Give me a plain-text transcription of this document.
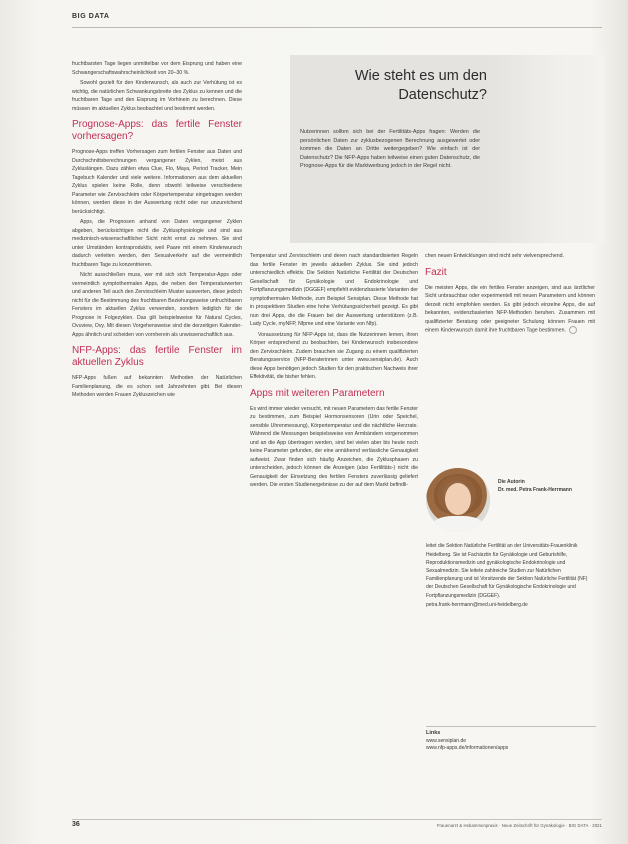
BIG DATA

fruchtbarsten Tage liegen unmittelbar vor dem Eisprung und haben eine Schwangerschaftswahrscheinlichkeit von 20–30 %.

Sowohl gezielt für den Kinderwunsch, als auch zur Verhütung ist es wichtig, die natürlichen Schwankungsbreite des Zyklus zu kennen und die fruchtbaren Tage und den Eisprung im Vorhinein zu berechnen. Diese müssen im aktuellen Zyklus beobachtet und bestimmt werden.

Prognose-Apps: das fertile Fenster vorhersagen?

Prognose-Apps treffen Vorhersagen zum fertilen Fenster aus Daten und Durchschnittsberechnungen vergangener Zyklen, meist aus Zykluslängen. Dazu zählen etwa Clue, Flo, Maya, Period Tracker, Mein Tagebuch Kalender und viele weitere. Informationen aus dem aktuellen Zyklus spielen keine Rolle, denn obwohl teilweise verschiedene Parameter wie Zervixschleim oder Körpertemperatur eingetragen werden können, werden diese in der Auswertung nicht oder nur unzureichend berücksichtigt.

Apps, die Prognosen anhand von Daten vergangener Zyklen abgeben, berücksichtigen nicht die Zyklusphysiologie und sind aus medizinisch-wissenschaftlicher Sicht nicht ernst zu nehmen. Sie sind unter Umständen kontraproduktiv, weil Paare mit einem Kinderwunsch dadurch verleiten werden, den Sexualverkehr auf die vermeintlich fruchtbaren Tage zu konzentrieren.

Nicht ausschließen muss, wer mit sich sich Temperatur-Apps oder vermeintlich symptothermalen Apps, die neben den Temperaturwerten und anderen Teil auch den Zervixschleim Muster auswerten, diese jedoch nicht für die Bestimmung des fruchtbaren Beziehungsweise unfruchtbaren Fensters im aktuellen Zyklus verwenden, sondern lediglich für die Prognose in Folgezyklen. Das gilt beispielsweise für Natural Cycles, Ovuview, Ovy. Mit diesen Vorgehensweise sind die derzeitigen Kalender-Apps ähnlich und scheiden von vornherein als unwissenschaftlich aus.

NFP-Apps: das fertile Fenster im aktuellen Zyklus

NFP-Apps fußen auf bekannten Methoden der Natürlichen Familienplanung, die es schon seit Jahrzehnten gibt. Bei diesen Methoden werden Frauen Zykluszeichen wie

Wie steht es um den
Datenschutz?
Nutzerinnen sollten sich bei der Fertilitäts-Apps fragen: Werden die persönlichen Daten zur zyklusbezogenen Berechnung ausgewertet oder kommen die Daten an Dritte weitergegeben? Wie einfach ist der Datenschutz? Die NFP-Apps haben teilweise einen guten Datenschutz, die Prognose-Apps für die Marktwerbung jedoch in der Regel nicht.

Temperatur und Zervixschleim und deren nach standardisierten Regeln das fertile Fenster im jeweils aktuellen Zyklus. Sie sind jedoch unterschiedlich effektiv. Die Sektion Natürliche Fertilität der Deutschen Gesellschaft für Gynäkologie und Endokrinologie und Fortpflanzungsmedizin (DGGEF) empfiehlt evidenzbasierte Varianten der symptothermalen Methode, zum Beispiel Sensiplan. Diese Methode hat in prospektiven Studien eine hohe Verhütungssicherheit gezeigt. Es gibt nun drei Apps, die die Frauen bei der Auswertung unterstützen (z.B. Lady Cycle, myNFP, Nfpme und eine Variante von Nfp).

Voraussetzung für NFP-Apps ist, dass die Nutzerinnen lernen, ihren Körper entsprechend zu beobachten, bei Kinderwunsch insbesondere den Zervixschleim. Zudem brauchen sie Zugang zu einem qualifizierten Beratungsservice (NFP-Beraterinnen unter www.sensiplan.de). Auch diese Apps benötigen jedoch Studien für den praktischen Nachweis ihrer Effektivität, die bisher fehlen.

Apps mit weiteren Parametern

Es wird immer wieder versucht, mit neuen Parametern das fertile Fenster zu bestimmen, zum Beispiel Hormonsensoren (Urin oder Speichel, sensible Uhrenmessung), Körpertemperatur und die nächtliche Herzrate. Während die Messungen beispielsweise von Armbändern vorgenommen und an die App übertragen werden, sind bei vielen aber bis heute noch keine Parameter gefunden, der eine annähernd verlässliche Genauigkeit aufweist. Zwar finden sich häufig Anzeichen, die Zyklusphasen zu unterscheiden, jedoch können die Anzeigen (also Fertilitäts-) nicht die Genauigkeit der Einsetzung des fertilen Fensters zuverlässig geliefert werden. Die ersten Studienergebnisse zu der auf dem Markt befindli-

chen neuen Entwicklungen sind nicht sehr vielversprechend.

Fazit

Die meisten Apps, die ein fertiles Fenster anzeigen, sind aus ärztlicher Sicht unbrauchbar oder experimentell mit neuen Parametern und können derzeit nicht empfohlen werden. Es gibt jedoch einzelne Apps, die auf bekannten, evidenzbasierten NFP-Methoden beruhen. Zusammen mit qualifizierter Beratung oder geeigneter Schulung können Frauen mit einem Kinderwunsch damit ihre fruchtbaren Tage bestimmen.

Die Autorin
Dr. med. Petra Frank-Herrmann
leitet die Sektion Natürliche Fertilität an der Universitäts-Frauenklinik Heidelberg. Sie ist Fachärztin für Gynäkologie und Geburtshilfe, Reproduktionsmedizin und gynäkologische Endokrinologie und Sexualmedizin. Sie leitete zahlreiche Studien zur Natürlichen Familienplanung und ist Vorsitzende der Sektion Natürliche Fertilität (NF) der Deutschen Gesellschaft für Gynäkologische Endokrinologie und Fortpflanzungsmedizin (DGGEF).
petra.frank-herrmann@med.uni-heidelberg.de
Links
www.sensiplan.de
www.nfp-apps.de/informationen/apps
36	Frauenarzt & Hebammenpraxis · Neue Zeitschrift für Gynäkologie · BIG DATA · 2021
